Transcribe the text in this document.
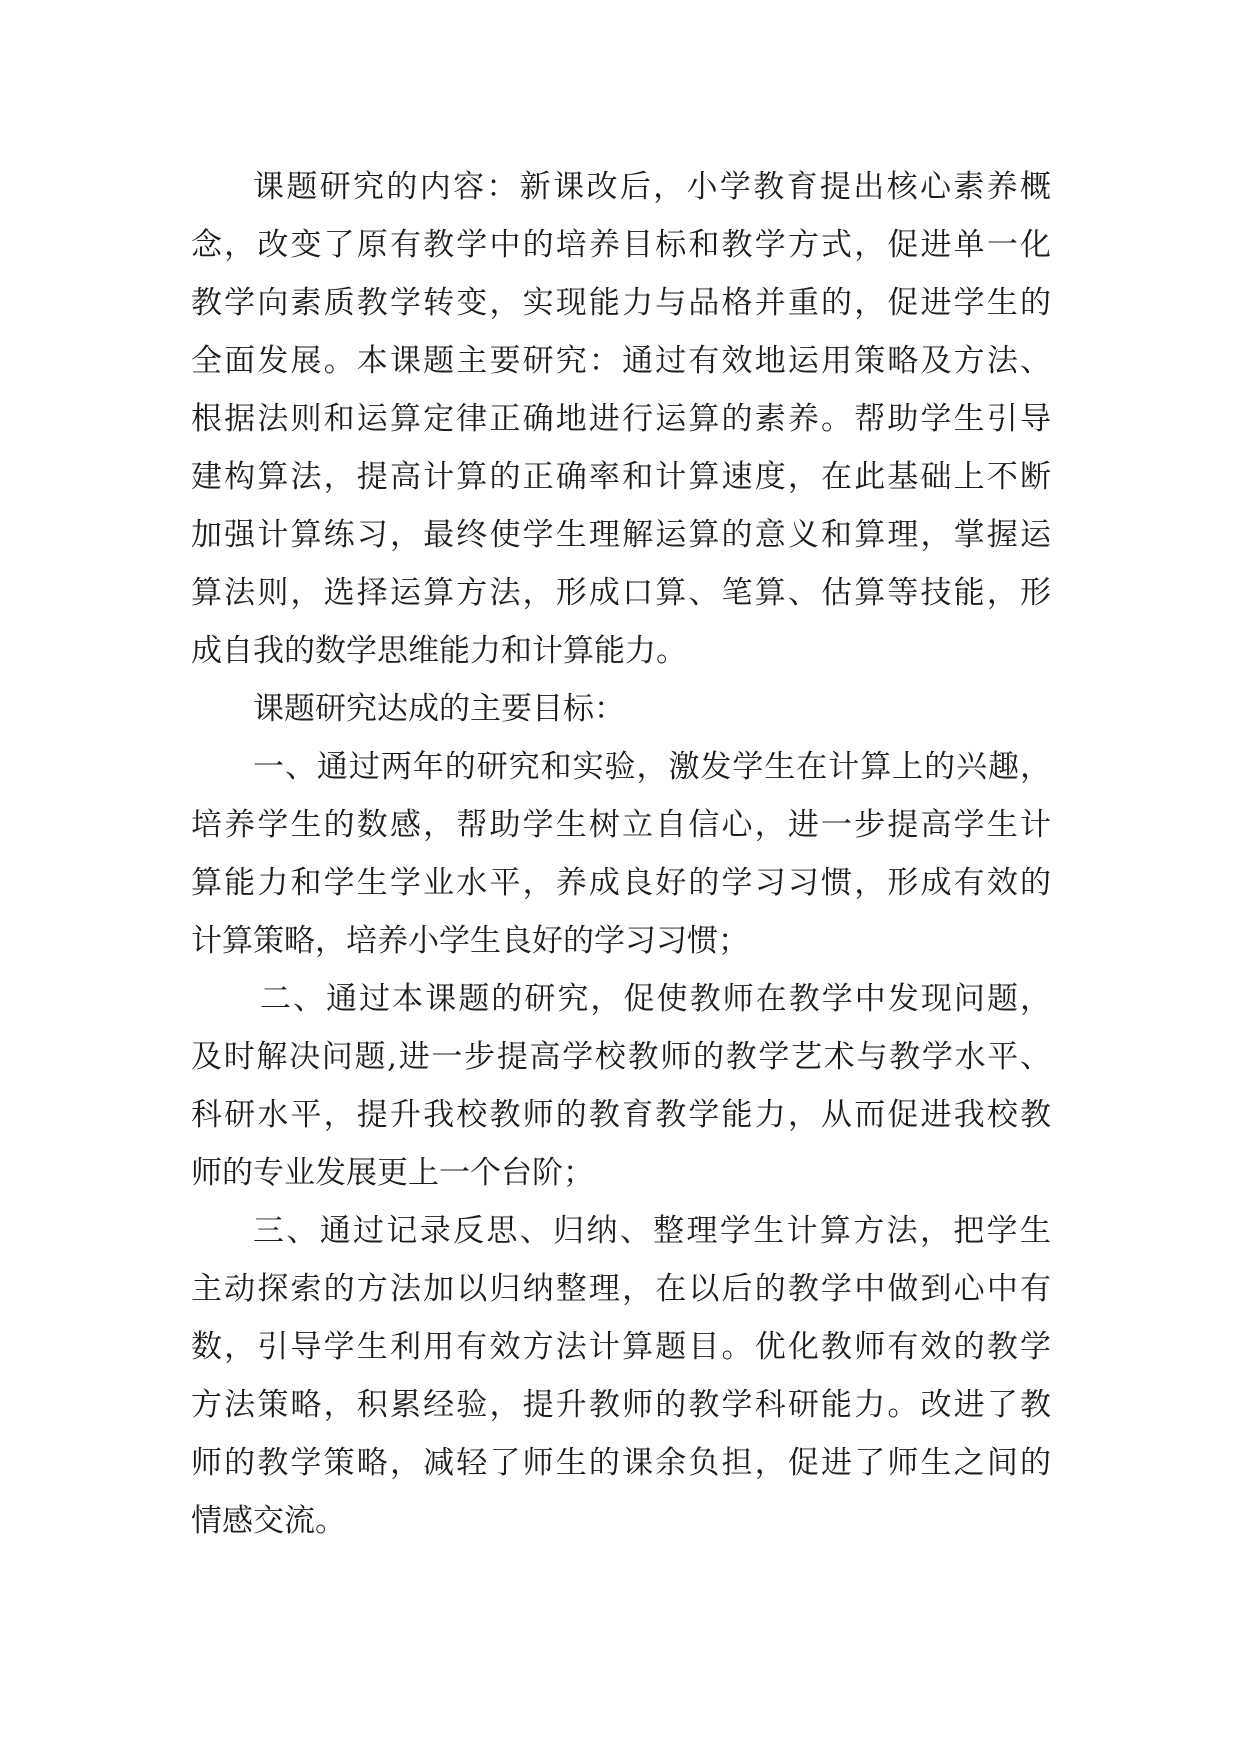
课题研究的内容：新课改后，小学教育提出核心素养概
念，改变了原有教学中的培养目标和教学方式，促进单一化
教学向素质教学转变，实现能力与品格并重的，促进学生的
全面发展。本课题主要研究：通过有效地运用策略及方法、
根据法则和运算定律正确地进行运算的素养。帮助学生引导
建构算法，提高计算的正确率和计算速度，在此基础上不断
加强计算练习，最终使学生理解运算的意义和算理，掌握运
算法则，选择运算方法，形成口算、笔算、估算等技能，形
成自我的数学思维能力和计算能力。
课题研究达成的主要目标：
一、通过两年的研究和实验，激发学生在计算上的兴趣，
培养学生的数感，帮助学生树立自信心，进一步提高学生计
算能力和学生学业水平，养成良好的学习习惯，形成有效的
计算策略，培养小学生良好的学习习惯；
二、通过本课题的研究，促使教师在教学中发现问题，
及时解决问题,进一步提高学校教师的教学艺术与教学水平、
科研水平，提升我校教师的教育教学能力，从而促进我校教
师的专业发展更上一个台阶；
三、通过记录反思、归纳、整理学生计算方法，把学生
主动探索的方法加以归纳整理，在以后的教学中做到心中有
数，引导学生利用有效方法计算题目。优化教师有效的教学
方法策略，积累经验，提升教师的教学科研能力。改进了教
师的教学策略，减轻了师生的课余负担，促进了师生之间的
情感交流。
